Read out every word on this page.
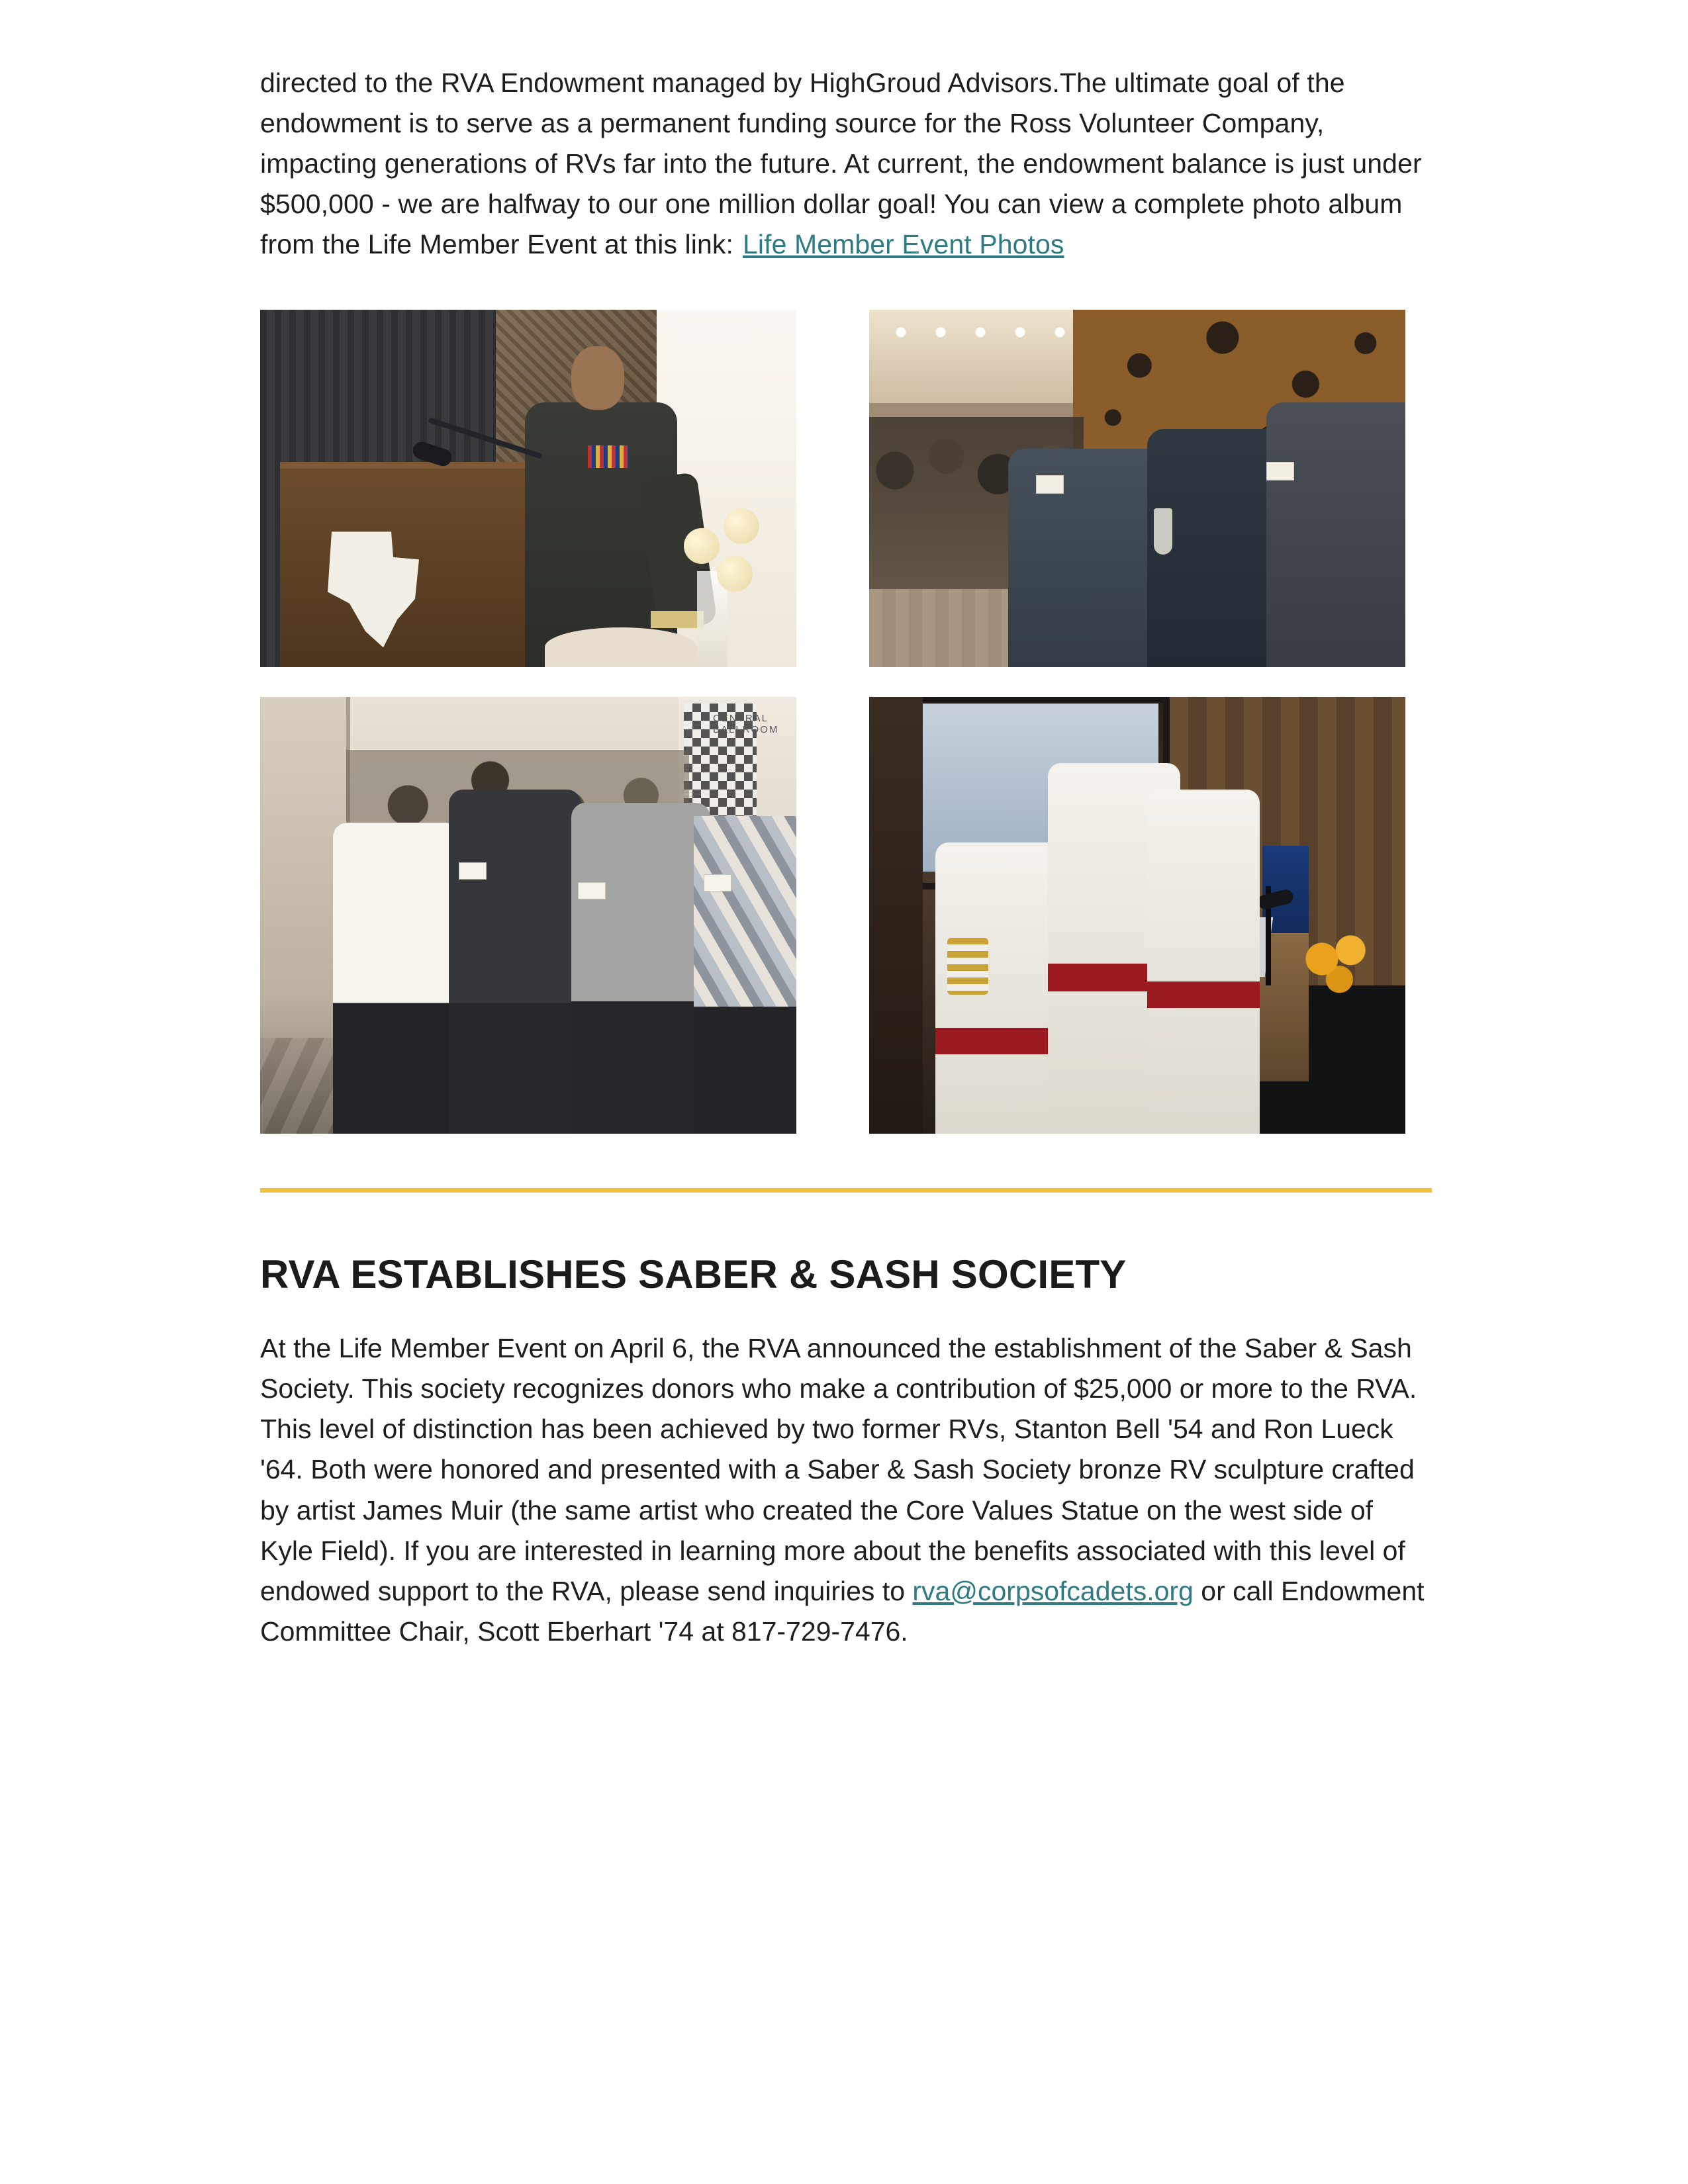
directed to the RVA Endowment managed by HighGroud Advisors.The ultimate goal of the endowment is to serve as a permanent funding source for the Ross Volunteer Company, impacting generations of RVs far into the future. At current, the endowment balance is just under $500,000 - we are halfway to our one million dollar goal! You can view a complete photo album from the Life Member Event at this link: Life Member Event Photos

CENTRAL BALLROOM
RVA ESTABLISHES SABER & SASH SOCIETY

At the Life Member Event on April 6, the RVA announced the establishment of the Saber & Sash Society. This society recognizes donors who make a contribution of $25,000 or more to the RVA. This level of distinction has been achieved by two former RVs, Stanton Bell '54 and Ron Lueck '64. Both were honored and presented with a Saber & Sash Society bronze RV sculpture crafted by artist James Muir (the same artist who created the Core Values Statue on the west side of Kyle Field). If you are interested in learning more about the benefits associated with this level of endowed support to the RVA, please send inquiries to rva@corpsofcadets.org or call Endowment Committee Chair, Scott Eberhart '74 at 817-729-7476.
